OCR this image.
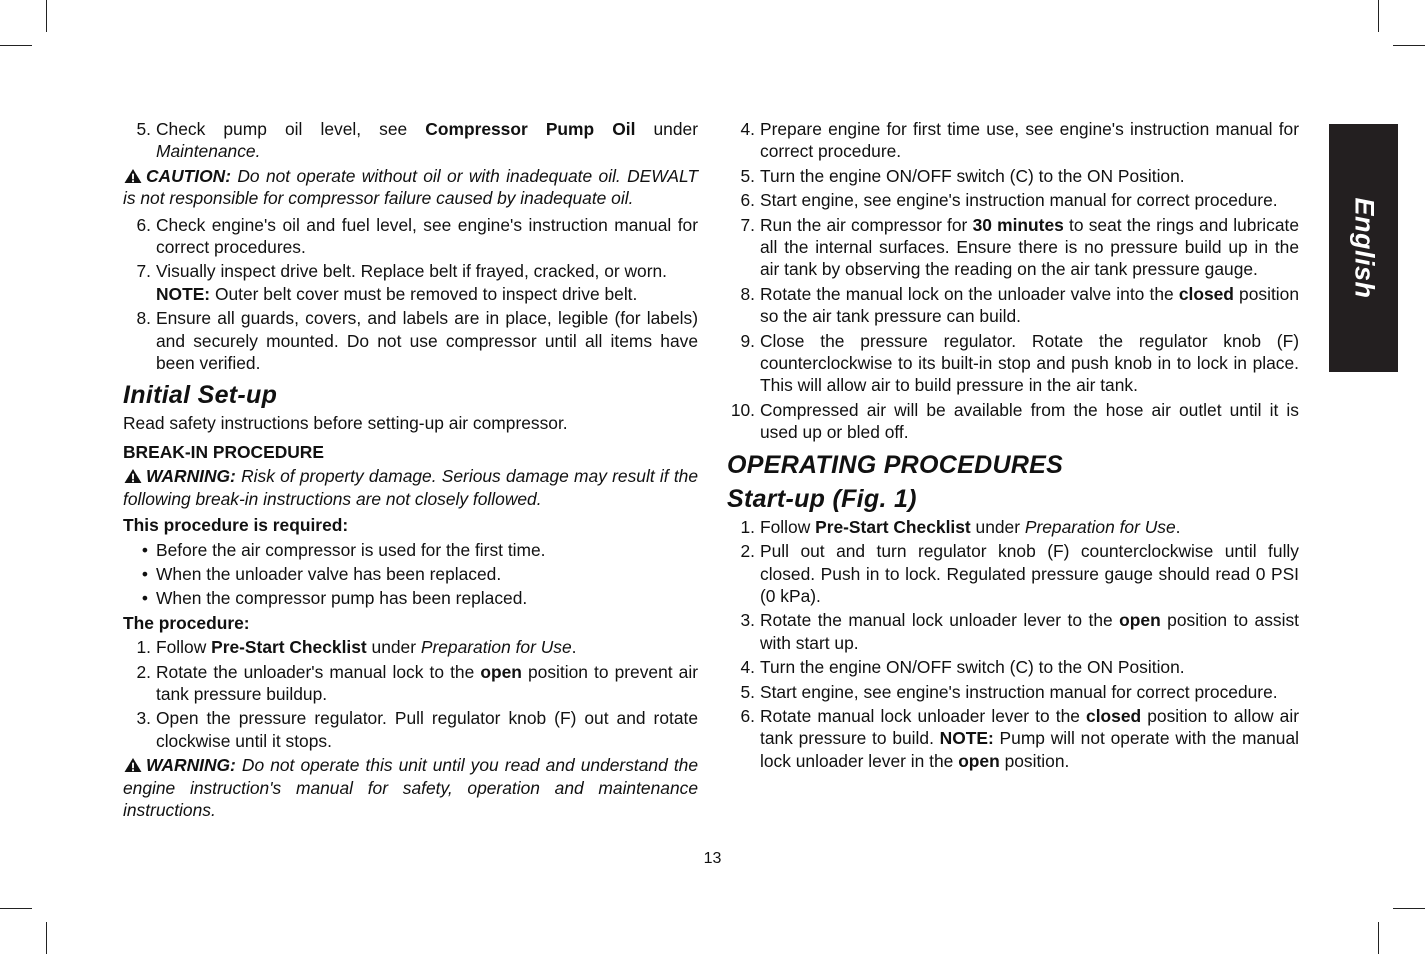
5. Check pump oil level, see Compressor Pump Oil under Maintenance.
CAUTION: Do not operate without oil or with inadequate oil. DEWALT is not responsible for compressor failure caused by inadequate oil.
6. Check engine's oil and fuel level, see engine's instruction manual for correct procedures.
7. Visually inspect drive belt. Replace belt if frayed, cracked, or worn.
NOTE: Outer belt cover must be removed to inspect drive belt.
8. Ensure all guards, covers, and labels are in place, legible (for labels) and securely mounted. Do not use compressor until all items have been verified.
Initial Set-up
Read safety instructions before setting-up air compressor.
BREAK-IN PROCEDURE
WARNING: Risk of property damage. Serious damage may result if the following break-in instructions are not closely followed.
This procedure is required:
• Before the air compressor is used for the first time.
• When the unloader valve has been replaced.
• When the compressor pump has been replaced.
The procedure:
1. Follow Pre-Start Checklist under Preparation for Use.
2. Rotate the unloader's manual lock to the open position to prevent air tank pressure buildup.
3. Open the pressure regulator. Pull regulator knob (F) out and rotate clockwise until it stops.
WARNING: Do not operate this unit until you read and understand the engine instruction's manual for safety, operation and maintenance instructions.
4. Prepare engine for first time use, see engine's instruction manual for correct procedure.
5. Turn the engine ON/OFF switch (C) to the ON Position.
6. Start engine, see engine's instruction manual for correct procedure.
7. Run the air compressor for 30 minutes to seat the rings and lubricate all the internal surfaces. Ensure there is no pressure build up in the air tank by observing the reading on the air tank pressure gauge.
8. Rotate the manual lock on the unloader valve into the closed position so the air tank pressure can build.
9. Close the pressure regulator. Rotate the regulator knob (F) counterclockwise to its built-in stop and push knob in to lock in place. This will allow air to build pressure in the air tank.
10. Compressed air will be available from the hose air outlet until it is used up or bled off.
OPERATING PROCEDURES
Start-up (Fig. 1)
1. Follow Pre-Start Checklist under Preparation for Use.
2. Pull out and turn regulator knob (F) counterclockwise until fully closed. Push in to lock. Regulated pressure gauge should read 0 PSI (0 kPa).
3. Rotate the manual lock unloader lever to the open position to assist with start up.
4. Turn the engine ON/OFF switch (C) to the ON Position.
5. Start engine, see engine's instruction manual for correct procedure.
6. Rotate manual lock unloader lever to the closed position to allow air tank pressure to build. NOTE: Pump will not operate with the manual lock unloader lever in the open position.
English
13
